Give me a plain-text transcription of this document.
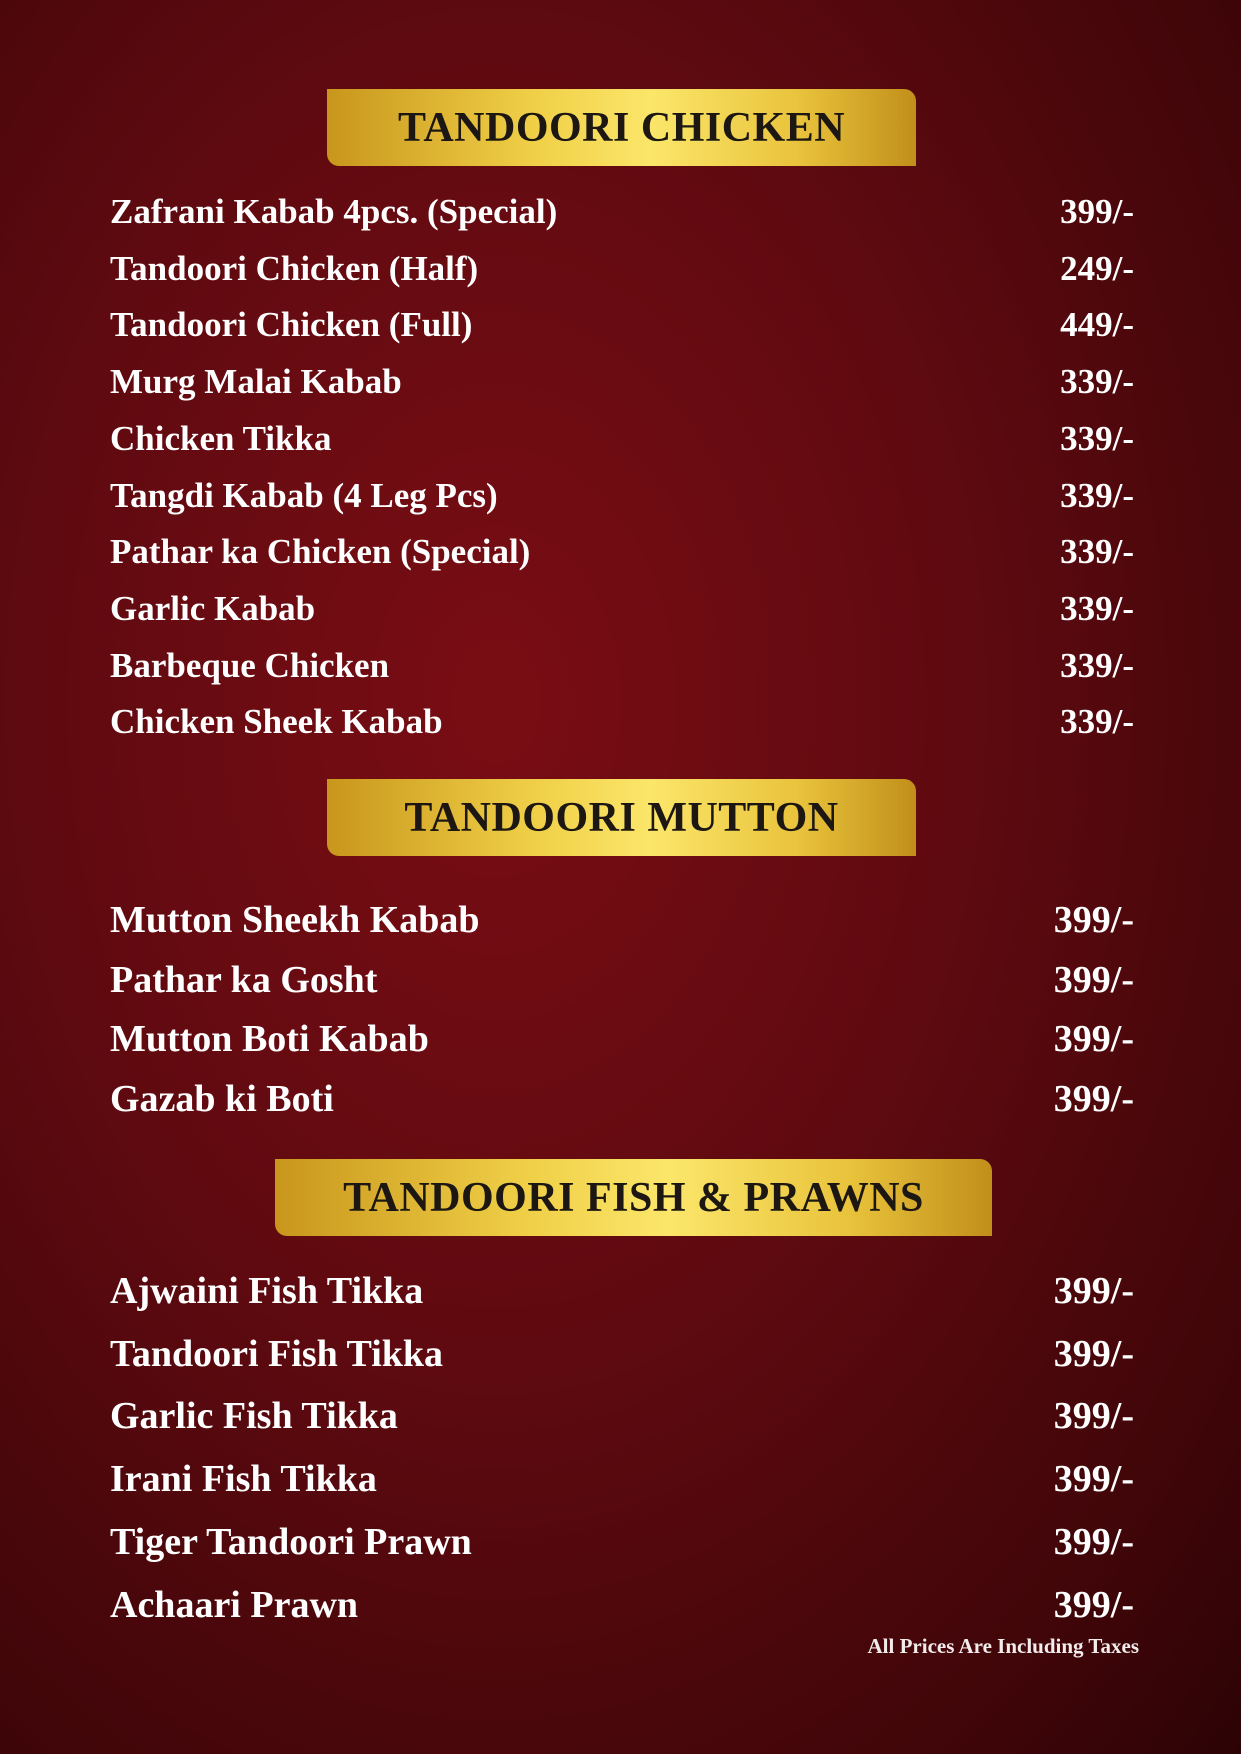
TANDOORI CHICKEN
Zafrani Kabab 4pcs. (Special)	399/-
Tandoori Chicken (Half)	249/-
Tandoori Chicken (Full)	449/-
Murg Malai Kabab	339/-
Chicken Tikka	339/-
Tangdi Kabab (4 Leg Pcs)	339/-
Pathar ka Chicken (Special)	339/-
Garlic Kabab	339/-
Barbeque Chicken	339/-
Chicken Sheek Kabab	339/-
TANDOORI MUTTON
Mutton Sheekh Kabab	399/-
Pathar ka Gosht	399/-
Mutton Boti Kabab	399/-
Gazab ki Boti	399/-
TANDOORI FISH & PRAWNS
Ajwaini Fish Tikka	399/-
Tandoori Fish Tikka	399/-
Garlic Fish Tikka	399/-
Irani Fish Tikka	399/-
Tiger Tandoori Prawn	399/-
Achaari Prawn	399/-
All Prices Are Including Taxes
